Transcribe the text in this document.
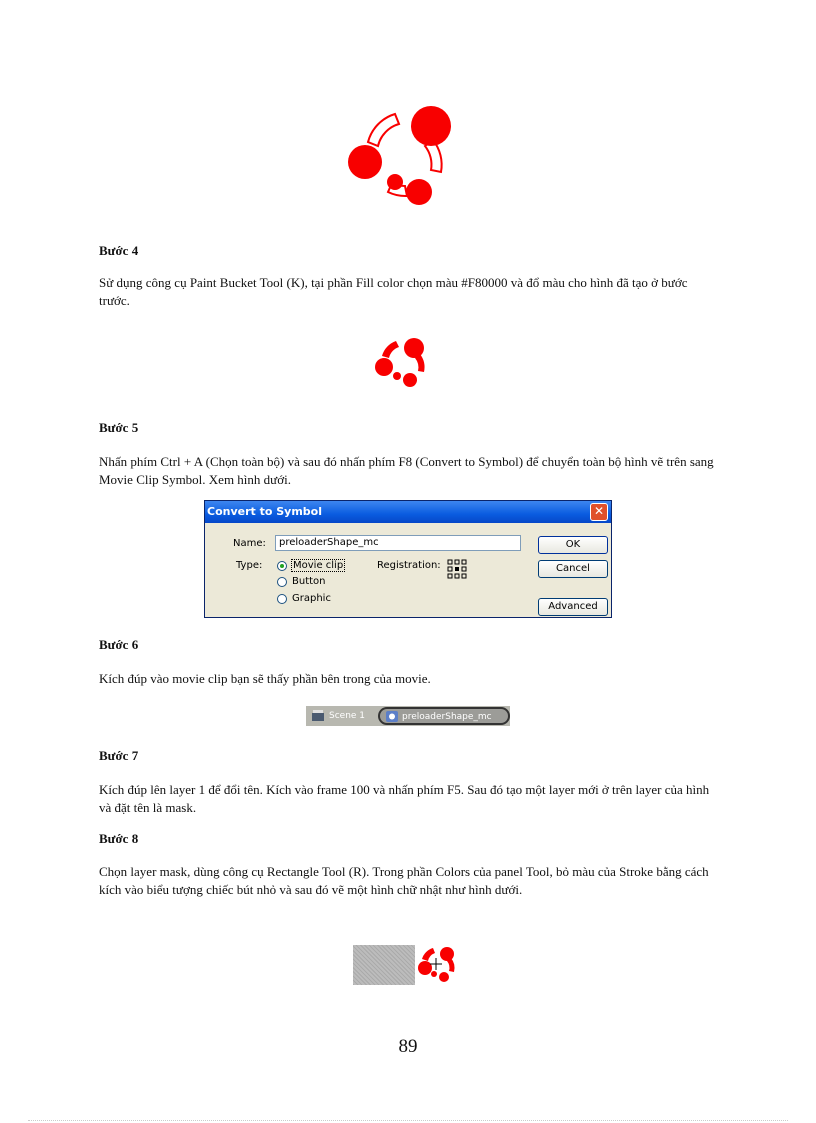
Bước 4
Sử dụng công cụ Paint Bucket Tool (K), tại phần Fill color chọn màu #F80000 và đổ màu cho hình đã tạo ở bước trước.
Bước 5
Nhấn phím Ctrl + A (Chọn toàn bộ) và sau đó nhấn phím F8 (Convert to Symbol) để chuyển toàn bộ hình vẽ trên sang Movie Clip Symbol. Xem hình dưới.
Convert to Symbol	✕
Name:	preloaderShape_mc
Type:	Movie clip
Button
Graphic
Registration:
OK
Cancel
Advanced
Bước 6
Kích đúp vào movie clip bạn sẽ thấy phần bên trong của movie.
Scene 1	preloaderShape_mc
Bước 7
Kích đúp lên layer 1 để đổi tên. Kích vào frame 100 và nhấn phím F5. Sau đó tạo một layer mới ở trên layer của hình và đặt tên là mask.
Bước 8
Chọn layer mask, dùng công cụ Rectangle Tool (R). Trong phần Colors của panel Tool, bỏ màu của Stroke bằng cách kích vào biểu tượng chiếc bút nhỏ và sau đó vẽ một hình chữ nhật như hình dưới.
89
